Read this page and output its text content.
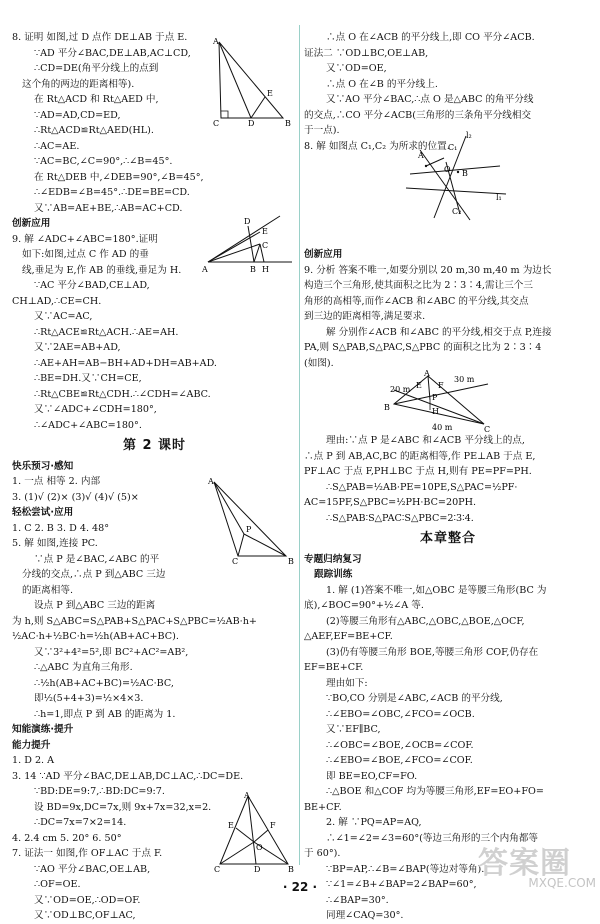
8. 证明 如图,过 D 点作 DE⊥AB 于点 E.
∵AD 平分∠BAC,DE⊥AB,AC⊥CD,
∴CD=DE(角平分线上的点到
这个角的两边的距离相等).
在 Rt△ACD 和 Rt△AED 中,
∵AD=AD,CD=ED,
∴Rt△ACD≌Rt△AED(HL).
∴AC=AE.
∵AC=BC,∠C=90°,∴∠B=45°.
在 Rt△DEB 中,∠DEB=90°,∠B=45°,
∴∠EDB=∠B=45°.∴DE=BE=CD.
又∵AB=AE+BE,∴AB=AC+CD.
创新应用
9. 解 ∠ADC+∠ABC=180°.证明
如下:如图,过点 C 作 AD 的垂
线,垂足为 E,作 AB 的垂线,垂足为 H.
∵AC 平分∠BAD,CE⊥AD,
CH⊥AD,∴CE=CH.
又∵AC=AC,
∴Rt△ACE≌Rt△ACH.∴AE=AH.
又∵2AE=AB+AD,
∴AE+AH=AB−BH+AD+DH=AB+AD.
∴BE=DH.又∵CH=CE,
∴Rt△CBE≌Rt△CDH.∴∠CDH=∠ABC.
又∵∠ADC+∠CDH=180°,
∴∠ADC+∠ABC=180°.
第 2 课时
快乐预习·感知
1. 一点 相等 2. 内部
3. (1)√ (2)× (3)√ (4)√ (5)×
轻松尝试·应用
1. C 2. B 3. D 4. 48°
5. 解 如图,连接 PC.
∵点 P 是∠BAC,∠ABC 的平
分线的交点,∴点 P 到△ABC 三边
的距离相等.
设点 P 到△ABC 三边的距离
为 h,则 S△ABC=S△PAB+S△PAC+S△PBC=½AB·h+
½AC·h+½BC·h=½h(AB+AC+BC).
又∵3²+4²=5²,即 BC²+AC²=AB²,
∴△ABC 为直角三角形.
∴½h(AB+AC+BC)=½AC·BC,
即½(5+4+3)=½×4×3.
∴h=1,即点 P 到 AB 的距离为 1.
知能演练·提升
能力提升
1. D 2. A
3. 14 ∵AD 平分∠BAC,DE⊥AB,DC⊥AC,∴DC=DE.
∵BD:DE=9:7,∴BD:DC=9:7.
设 BD=9x,DC=7x,则 9x+7x=32,x=2.
∴DC=7x=7×2=14.
4. 2.4 cm 5. 20° 6. 50°
7. 证法一 如图,作 OF⊥AC 于点 F.
∵AO 平分∠BAC,OE⊥AB,
∴OF=OE.
又∵OD=OE,∴OD=OF.
又∵OD⊥BC,OF⊥AC,
∴点 O 在∠ACB 的平分线上,即 CO 平分∠ACB.
证法二 ∵OD⊥BC,OE⊥AB,
又∵OD=OE,
∴点 O 在∠B 的平分线上.
又∵AO 平分∠BAC,∴点 O 是△ABC 的角平分线
的交点,∴CO 平分∠ACB(三角形的三条角平分线相交
于一点).
8. 解 如图点 C₁,C₂ 为所求的位置.

创新应用
9. 分析 答案不唯一,如要分别以 20 m,30 m,40 m 为边长
构造三个三角形,使其面积之比为 2∶3∶4,需让三个三
角形的高相等,而作∠ACB 和∠ABC 的平分线,其交点
到三边的距离相等,满足要求.
解 分别作∠ACB 和∠ABC 的平分线,相交于点 P,连接
PA,则 S△PAB,S△PAC,S△PBC 的面积之比为 2∶3∶4
(如图).

理由:∵点 P 是∠ABC 和∠ACB 平分线上的点,
∴点 P 到 AB,AC,BC 的距离相等,作 PE⊥AB 于点 E,
PF⊥AC 于点 F,PH⊥BC 于点 H,则有 PE=PF=PH.
∴S△PAB=½AB·PE=10PE,S△PAC=½PF·
AC=15PF,S△PBC=½PH·BC=20PH.
∴S△PAB∶S△PAC∶S△PBC=2∶3∶4.
本章整合
专题归纳复习
跟踪训练
1. 解 (1)答案不唯一,如△OBC 是等腰三角形(BC 为
底),∠BOC=90°+½∠A 等.
(2)等腰三角形有△ABC,△OBC,△BOE,△OCF,
△AEF,EF=BE+CF.
(3)仍有等腰三角形 BOE,等腰三角形 COF,仍存在
EF=BE+CF.
理由如下:
∵BO,CO 分别是∠ABC,∠ACB 的平分线,
∴∠EBO=∠OBC,∠FCO=∠OCB.
又∵EF∥BC,
∴∠OBC=∠BOE,∠OCB=∠COF.
∴∠EBO=∠BOE,∠FCO=∠COF.
即 BE=EO,CF=FO.
∴△BOE 和△COF 均为等腰三角形,EF=EO+FO=
BE+CF.
2. 解 ∵PQ=AP=AQ,
∴∠1=∠2=∠3=60°(等边三角形的三个内角都等
于 60°).
∵BP=AP,∴∠B=∠BAP(等边对等角).
∵∠1=∠B+∠BAP=2∠BAP=60°,
∴∠BAP=30°.
同理∠CAQ=30°.
A
C	D
E
B
A
D
E
C
B H
A
P
C	B
A
F
E
O
C	D	B
A
O B
l₂
l₁
C₁
C₂
A
B
C
P
E F
H
20 m
30 m
40 m
· 22 ·
答案圈
MXQE.COM
